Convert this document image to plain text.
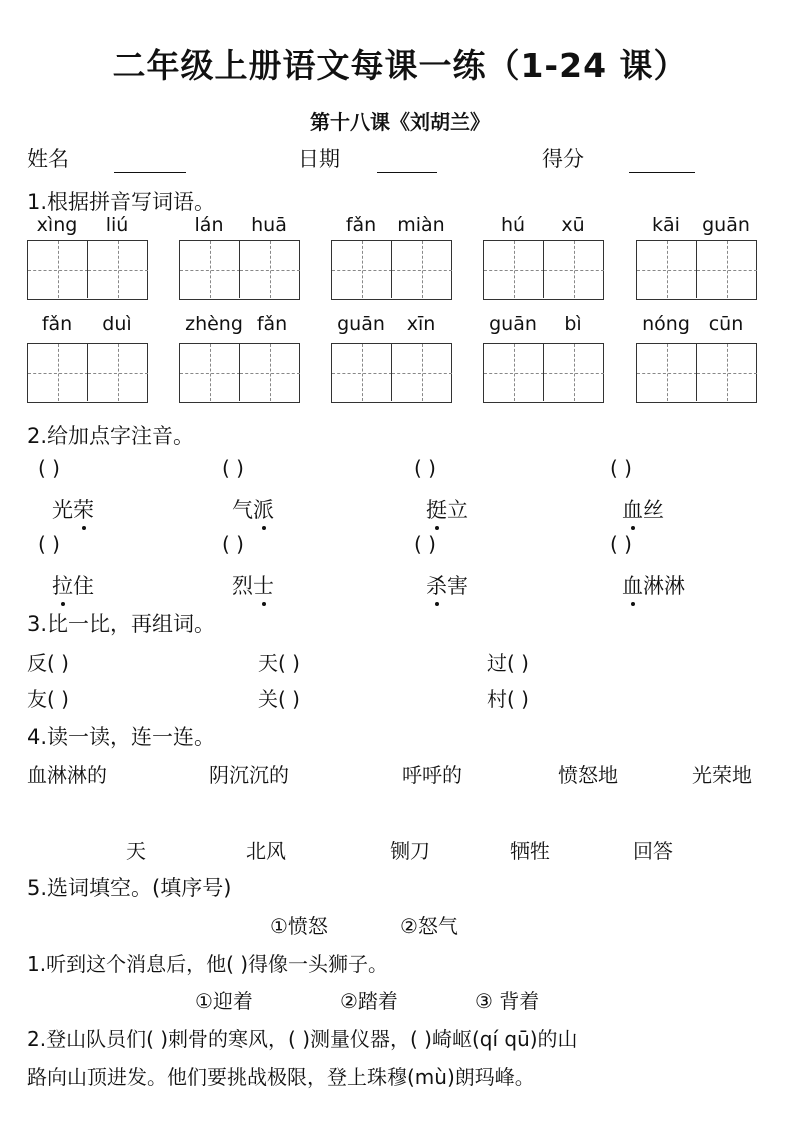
二年级上册语文每课一练（1-24 课）
第十八课《刘胡兰》
姓名	日期	得分
1.根据拼音写词语。
xìng	liú	lán	huā	fǎn	miàn	hú	xū	kāi	guān
fǎn	duì	zhèng fǎn	guān	xīn	guān	bì	nóng cūn
2.给加点字注音。
( )	( )	( )	( )
光荣	气派	挺立	血丝
( )	( )	( )	( )
拉住	烈士	杀害	血淋淋
3.比一比，再组词。
反( )	天( )	过( )
友( )	关( )	村( )
4.读一读，连一连。
血淋淋的	阴沉沉的	呼呼的	愤怒地	光荣地
天	北风	铡刀	牺牲	回答
5.选词填空。(填序号)
①愤怒	②怒气
1.听到这个消息后，他( )得像一头狮子。
①迎着	②踏着	③ 背着
2.登山队员们( )刺骨的寒风，( )测量仪器，( )崎岖(qí qū)的山
路向山顶进发。他们要挑战极限，登上珠穆(mù)朗玛峰。
